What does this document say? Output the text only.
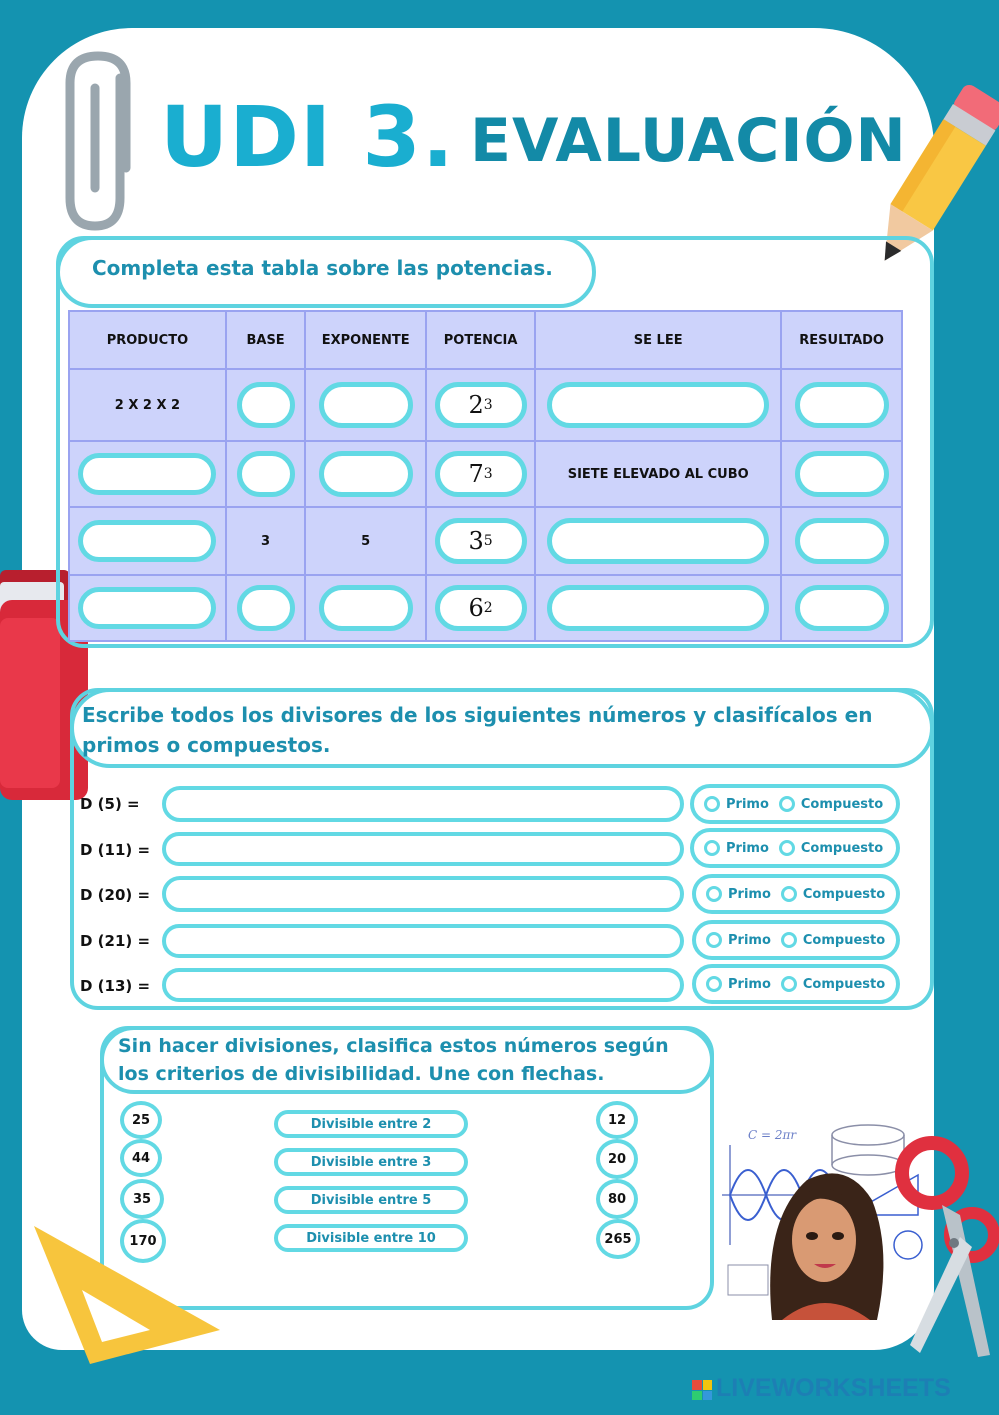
UDI 3. EVALUACIÓN
Completa esta tabla sobre las potencias.
PRODUCTO	BASE	EXPONENTE	POTENCIA	SE LEE	RESULTADO
2 X 2 X 2			2 3		

			7 3	SIETE ELEVADO AL CUBO	

	3	5	3 5		

			6 2		

Escribe todos los divisores de los siguientes números y clasifícalos en primos o compuestos.
D (5) =	Primo Compuesto
D (11) =	Primo Compuesto
D (20) =	Primo Compuesto
D (21) =	Primo Compuesto
D (13) =	Primo Compuesto
Sin hacer divisiones, clasifica estos números según
los criterios de divisibilidad. Une con flechas.
25
44
35
170
Divisible entre 2
Divisible entre 3
Divisible entre 5
Divisible entre 10
12
20
80
265
C = 2πr
LIVEWORKSHEETS
